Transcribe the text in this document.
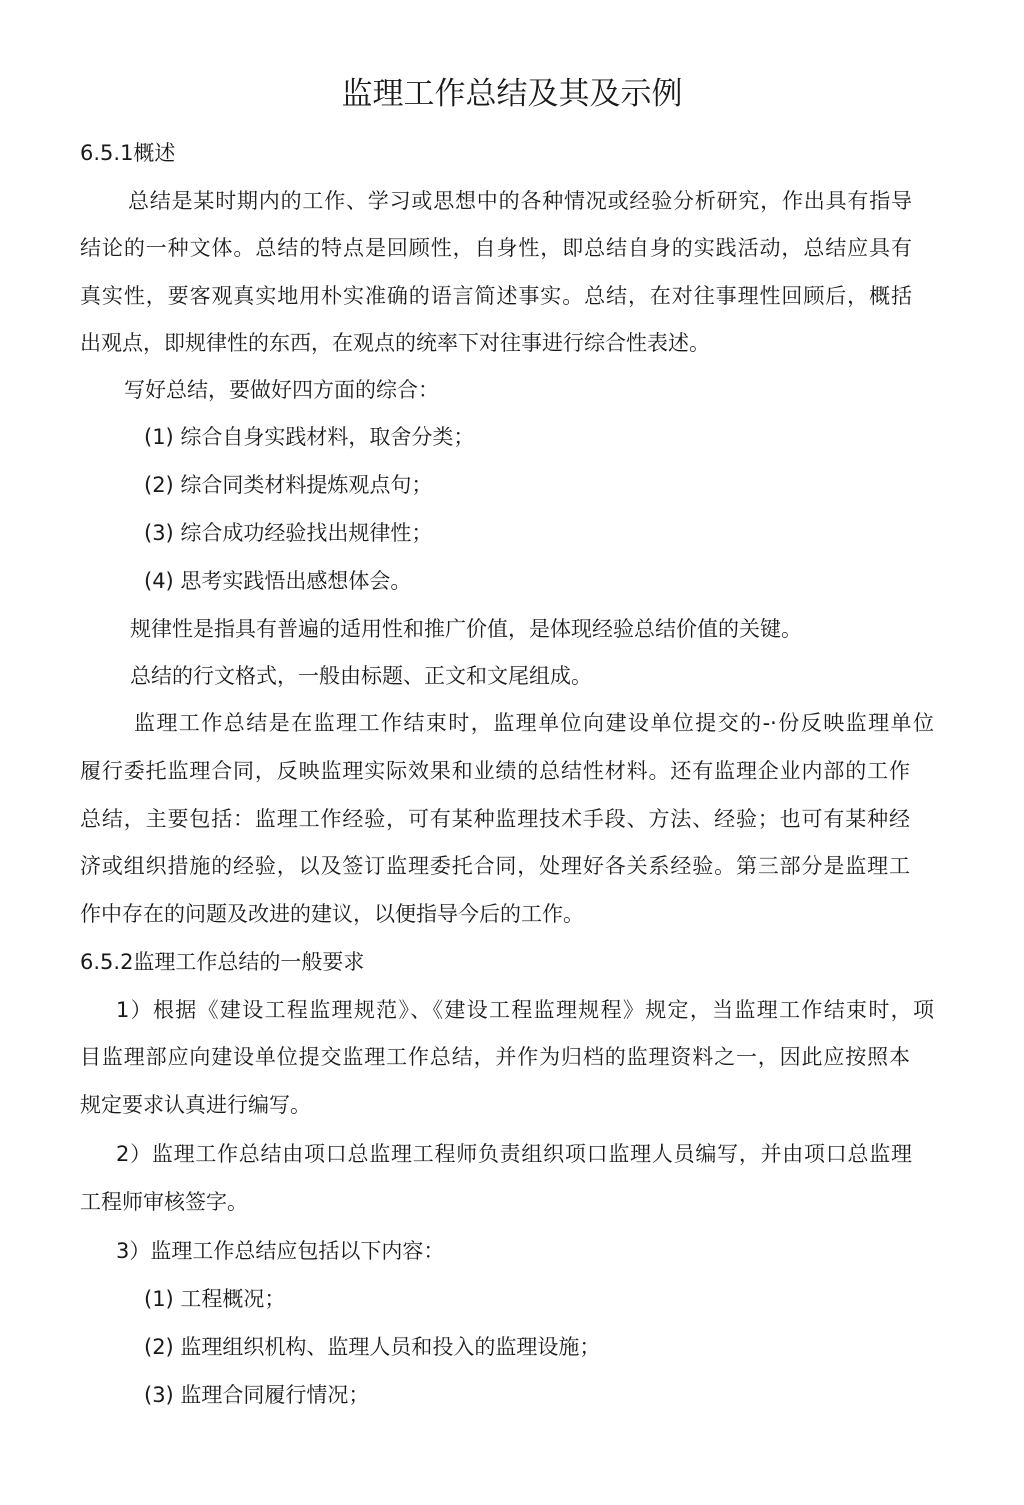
监理工作总结及其及示例
6.5.1概述
总结是某时期内的工作、学习或思想中的各种情况或经验分析研究，作出具有指导
结论的一种文体。总结的特点是回顾性，自身性，即总结自身的实践活动，总结应具有
真实性，要客观真实地用朴实准确的语言简述事实。总结，在对往事理性回顾后，概括
出观点，即规律性的东西，在观点的统率下对往事进行综合性表述。
写好总结，要做好四方面的综合：
(1) 综合自身实践材料，取舍分类；
(2) 综合同类材料提炼观点句；
(3) 综合成功经验找出规律性；
(4) 思考实践悟出感想体会。
规律性是指具有普遍的适用性和推广价值，是体现经验总结价值的关键。
总结的行文格式，一般由标题、正文和文尾组成。
监理工作总结是在监理工作结束时，监理单位向建设单位提交的-·份反映监理单位
履行委托监理合同，反映监理实际效果和业绩的总结性材料。还有监理企业内部的工作
总结，主要包括：监理工作经验，可有某种监理技术手段、方法、经验；也可有某种经
济或组织措施的经验，以及签订监理委托合同，处理好各关系经验。第三部分是监理工
作中存在的问题及改进的建议，以便指导今后的工作。
6.5.2监理工作总结的一般要求
1）根据《建设工程监理规范》、《建设工程监理规程》规定，当监理工作结束时，项
目监理部应向建设单位提交监理工作总结，并作为归档的监理资料之一，因此应按照本
规定要求认真进行编写。
2）监理工作总结由项口总监理工程师负责组织项口监理人员编写，并由项口总监理
工程师审核签字。
3）监理工作总结应包括以下内容：
(1) 工程概况；
(2) 监理组织机构、监理人员和投入的监理设施；
(3) 监理合同履行情况；
